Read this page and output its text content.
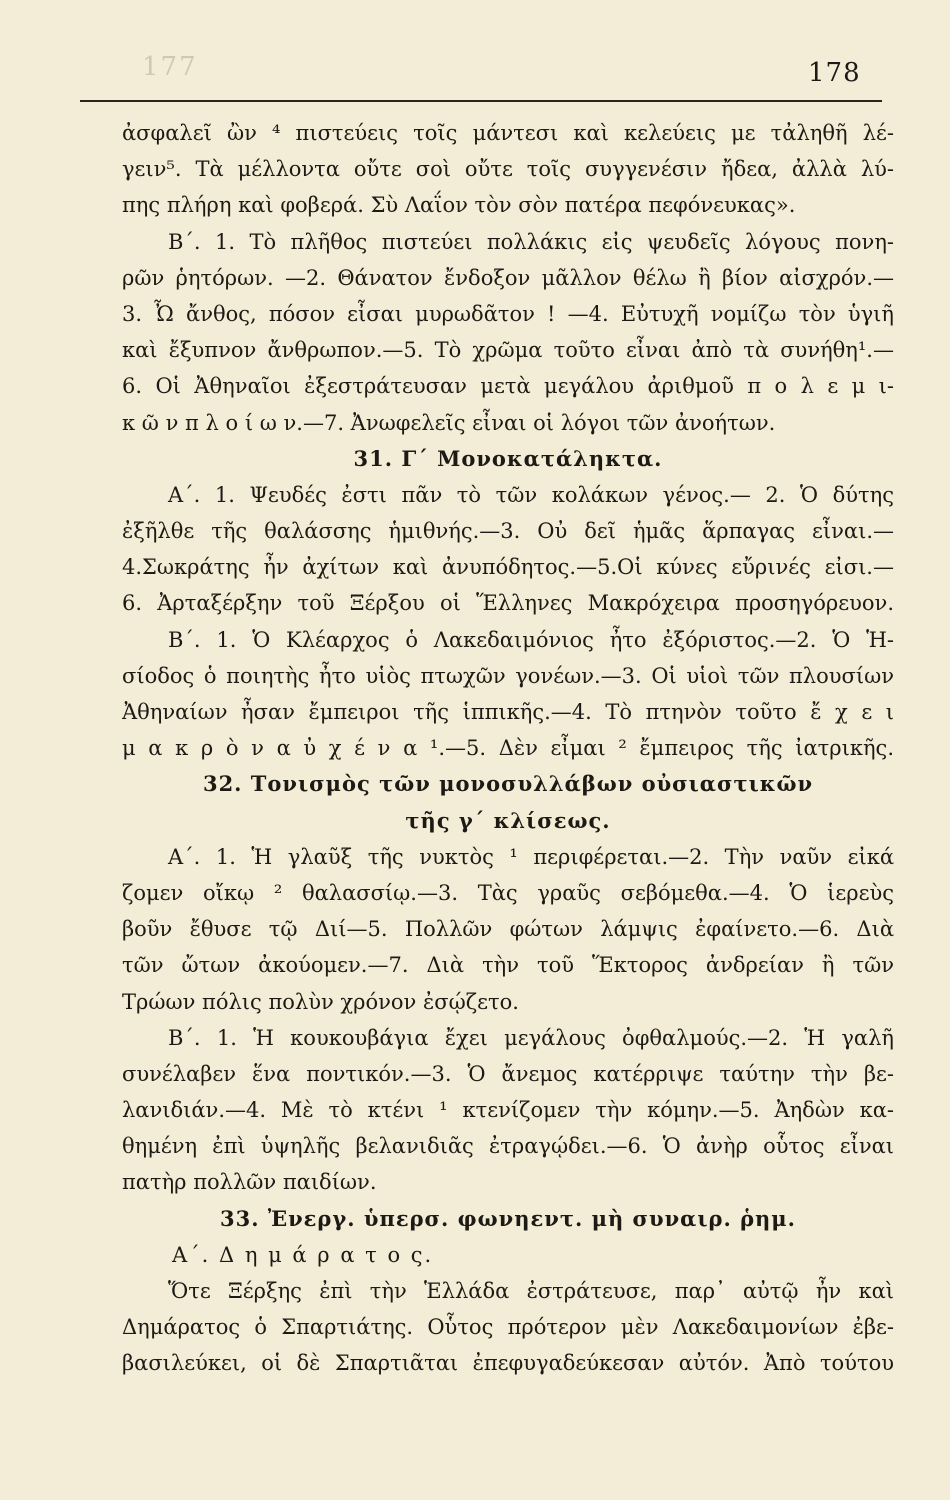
177	178
ἀσφαλεῖ ὢν ⁴ πιστεύεις τοῖς μάντεσι καὶ κελεύεις με τἀληθῆ λέ-
γειν⁵. Τὰ μέλλοντα οὔτε σοὶ οὔτε τοῖς συγγενέσιν ἤδεα, ἀλλὰ λύ-
πης πλήρη καὶ φοβερά. Σὺ Λαΐον τὸν σὸν πατέρα πεφόνευκας».
Β΄. 1. Τὸ πλῆθος πιστεύει πολλάκις εἰς ψευδεῖς λόγους πονη-
ρῶν ῥητόρων. —2. Θάνατον ἔνδοξον μᾶλλον θέλω ἢ βίον αἰσχρόν.—
3. Ὦ ἄνθος, πόσον εἶσαι μυρωδᾶτον ! —4. Εὐτυχῆ νομίζω τὸν ὑγιῆ
καὶ ἔξυπνον ἄνθρωπον.—5. Τὸ χρῶμα τοῦτο εἶναι ἀπὸ τὰ συνήθη¹.—
6. Οἱ Ἀθηναῖοι ἐξεστράτευσαν μετὰ μεγάλου ἀριθμοῦ π ο λ ε μ ι-
κ ῶ ν π λ ο ί ω ν.—7. Ἀνωφελεῖς εἶναι οἱ λόγοι τῶν ἀνοήτων.
31. Γ΄ Μονοκατάληκτα.
Α΄. 1. Ψευδές ἐστι πᾶν τὸ τῶν κολάκων γένος.— 2. Ὁ δύτης
ἐξῆλθε τῆς θαλάσσης ἡμιθνής.—3. Οὐ δεῖ ἡμᾶς ἅρπαγας εἶναι.—
4.Σωκράτης ἦν ἀχίτων καὶ ἀνυπόδητος.—5.Οἱ κύνες εὔρινές εἰσι.—
6. Ἀρταξέρξην τοῦ Ξέρξου οἱ Ἕλληνες Μακρόχειρα προσηγόρευον.
Β΄. 1. Ὁ Κλέαρχος ὁ Λακεδαιμόνιος ἦτο ἐξόριστος.—2. Ὁ Ἡ-
σίοδος ὁ ποιητὴς ἦτο υἱὸς πτωχῶν γονέων.—3. Οἱ υἱοὶ τῶν πλουσίων
Ἀθηναίων ἦσαν ἔμπειροι τῆς ἱππικῆς.—4. Τὸ πτηνὸν τοῦτο ἔ χ ε ι
μ α κ ρ ὸ ν α ὐ χ έ ν α ¹.—5. Δὲν εἶμαι ² ἔμπειρος τῆς ἰατρικῆς.
32. Τονισμὸς τῶν μονοσυλλάβων οὐσιαστικῶν
τῆς γ΄ κλίσεως.
Α΄. 1. Ἡ γλαῦξ τῆς νυκτὸς ¹ περιφέρεται.—2. Τὴν ναῦν εἰκά
ζομεν οἴκῳ ² θαλασσίῳ.—3. Τὰς γραῦς σεβόμεθα.—4. Ὁ ἱερεὺς
βοῦν ἔθυσε τῷ Διί—5. Πολλῶν φώτων λάμψις ἐφαίνετο.—6. Διὰ
τῶν ὤτων ἀκούομεν.—7. Διὰ τὴν τοῦ Ἕκτορος ἀνδρείαν ἢ τῶν
Τρώων πόλις πολὺν χρόνον ἐσῴζετο.
Β΄. 1. Ἡ κουκουβάγια ἔχει μεγάλους ὀφθαλμούς.—2. Ἡ γαλῆ
συνέλαβεν ἕνα ποντικόν.—3. Ὁ ἄνεμος κατέρριψε ταύτην τὴν βε-
λανιδιάν.—4. Μὲ τὸ κτένι ¹ κτενίζομεν τὴν κόμην.—5. Ἀηδὼν κα-
θημένη ἐπὶ ὑψηλῆς βελανιδιᾶς ἐτραγῴδει.—6. Ὁ ἀνὴρ οὗτος εἶναι
πατὴρ πολλῶν παιδίων.
33. Ἐνεργ. ὑπερσ. φωνηεντ. μὴ συναιρ. ῥημ.
Α΄. Δ η μ ά ρ α τ ο ς.
Ὅτε Ξέρξης ἐπὶ τὴν Ἑλλάδα ἐστράτευσε, παρ᾿ αὐτῷ ἦν καὶ
Δημάρατος ὁ Σπαρτιάτης. Οὗτος πρότερον μὲν Λακεδαιμονίων ἐβε-
βασιλεύκει, οἱ δὲ Σπαρτιᾶται ἐπεφυγαδεύκεσαν αὐτόν. Ἀπὸ τούτου
